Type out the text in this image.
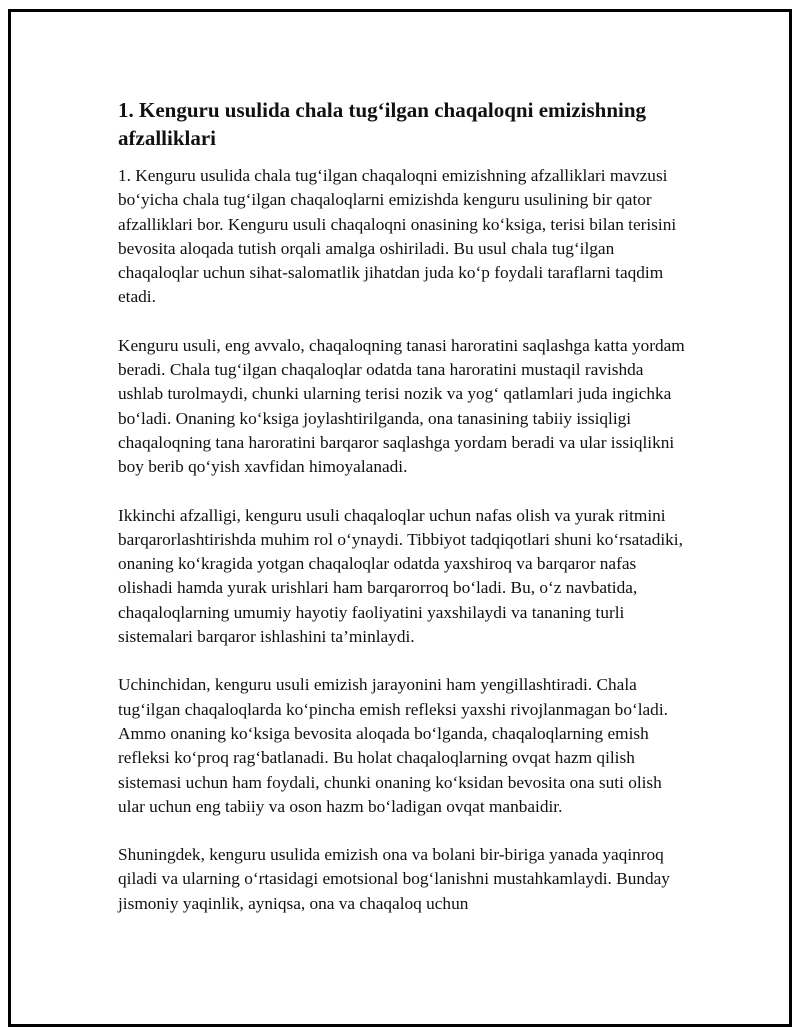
1. Kenguru usulida chala tug‘ilgan chaqaloqni emizishning afzalliklari

1. Kenguru usulida chala tug‘ilgan chaqaloqni emizishning afzalliklari mavzusi bo‘yicha chala tug‘ilgan chaqaloqlarni emizishda kenguru usulining bir qator afzalliklari bor. Kenguru usuli chaqaloqni onasining ko‘ksiga, terisi bilan terisini bevosita aloqada tutish orqali amalga oshiriladi. Bu usul chala tug‘ilgan chaqaloqlar uchun sihat-salomatlik jihatdan juda ko‘p foydali taraflarni taqdim etadi.

Kenguru usuli, eng avvalo, chaqaloqning tanasi haroratini saqlashga katta yordam beradi. Chala tug‘ilgan chaqaloqlar odatda tana haroratini mustaqil ravishda ushlab turolmaydi, chunki ularning terisi nozik va yog‘ qatlamlari juda ingichka bo‘ladi. Onaning ko‘ksiga joylashtirilganda, ona tanasining tabiiy issiqligi chaqaloqning tana haroratini barqaror saqlashga yordam beradi va ular issiqlikni boy berib qo‘yish xavfidan himoyalanadi.

Ikkinchi afzalligi, kenguru usuli chaqaloqlar uchun nafas olish va yurak ritmini barqarorlashtirishda muhim rol o‘ynaydi. Tibbiyot tadqiqotlari shuni ko‘rsatadiki, onaning ko‘kragida yotgan chaqaloqlar odatda yaxshiroq va barqaror nafas olishadi hamda yurak urishlari ham barqarorroq bo‘ladi. Bu, o‘z navbatida, chaqaloqlarning umumiy hayotiy faoliyatini yaxshilaydi va tananing turli sistemalari barqaror ishlashini ta’minlaydi.

Uchinchidan, kenguru usuli emizish jarayonini ham yengillashtiradi. Chala tug‘ilgan chaqaloqlarda ko‘pincha emish refleksi yaxshi rivojlanmagan bo‘ladi. Ammo onaning ko‘ksiga bevosita aloqada bo‘lganda, chaqaloqlarning emish refleksi ko‘proq rag‘batlanadi. Bu holat chaqaloqlarning ovqat hazm qilish sistemasi uchun ham foydali, chunki onaning ko‘ksidan bevosita ona suti olish ular uchun eng tabiiy va oson hazm bo‘ladigan ovqat manbaidir.

Shuningdek, kenguru usulida emizish ona va bolani bir-biriga yanada yaqinroq qiladi va ularning o‘rtasidagi emotsional bog‘lanishni mustahkamlaydi. Bunday jismoniy yaqinlik, ayniqsa, ona va chaqaloq uchun
